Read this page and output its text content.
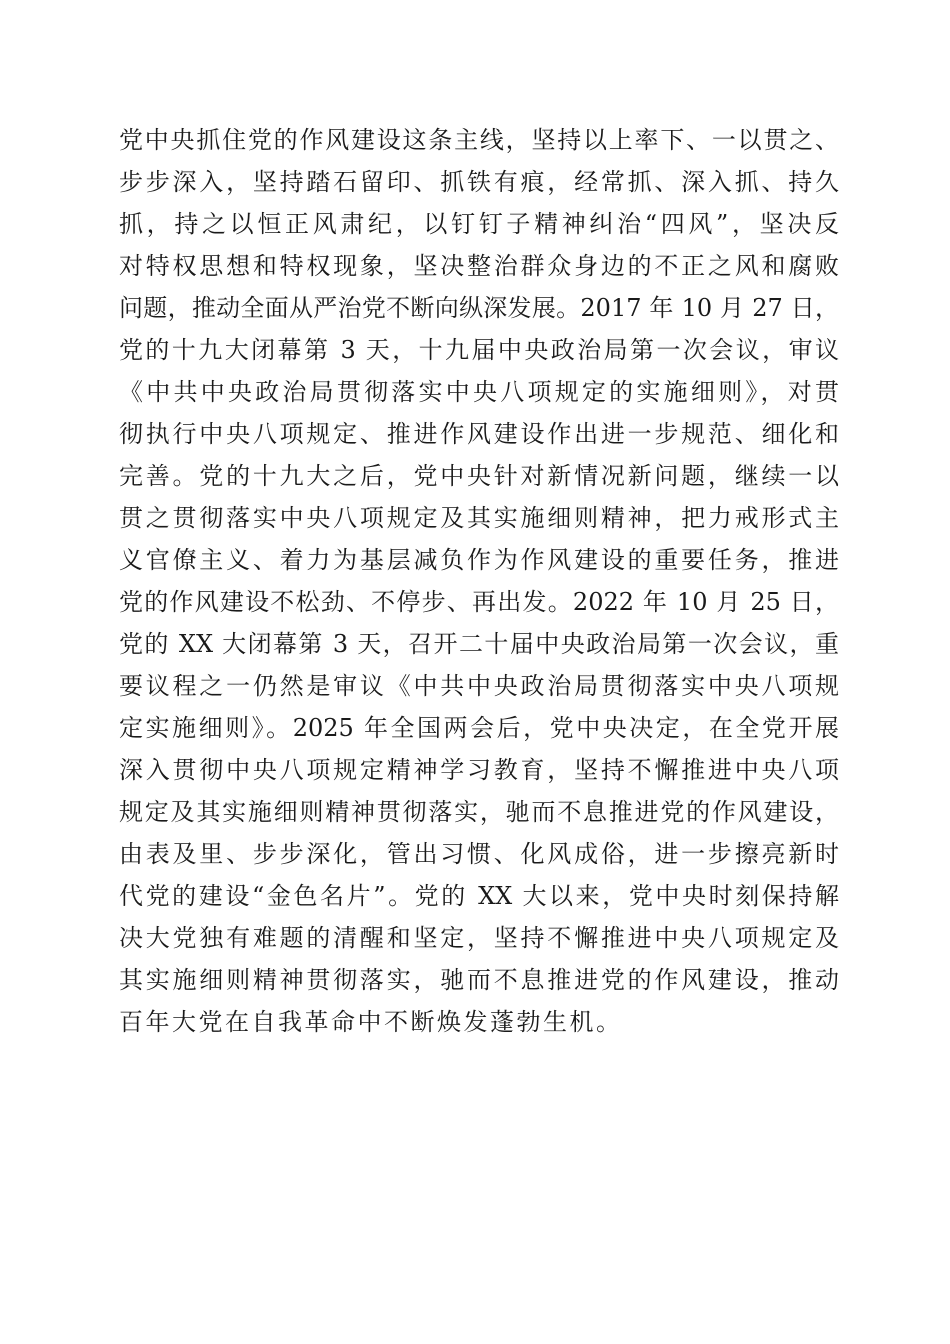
党中央抓住党的作风建设这条主线，坚持以上率下、一以贯之、
步步深入，坚持踏石留印、抓铁有痕，经常抓、深入抓、持久
抓，持之以恒正风肃纪，以钉钉子精神纠治“四风”，坚决反
对特权思想和特权现象，坚决整治群众身边的不正之风和腐败
问题，推动全面从严治党不断向纵深发展。2017 年 10 月 27 日，
党的十九大闭幕第 3 天，十九届中央政治局第一次会议，审议
《中共中央政治局贯彻落实中央八项规定的实施细则》，对贯
彻执行中央八项规定、推进作风建设作出进一步规范、细化和
完善。党的十九大之后，党中央针对新情况新问题，继续一以
贯之贯彻落实中央八项规定及其实施细则精神，把力戒形式主
义官僚主义、着力为基层减负作为作风建设的重要任务，推进
党的作风建设不松劲、不停步、再出发。2022 年 10 月 25 日，
党的 XX 大闭幕第 3 天，召开二十届中央政治局第一次会议，重
要议程之一仍然是审议《中共中央政治局贯彻落实中央八项规
定实施细则》。2025 年全国两会后，党中央决定，在全党开展
深入贯彻中央八项规定精神学习教育，坚持不懈推进中央八项
规定及其实施细则精神贯彻落实，驰而不息推进党的作风建设，
由表及里、步步深化，管出习惯、化风成俗，进一步擦亮新时
代党的建设“金色名片”。党的 XX 大以来，党中央时刻保持解
决大党独有难题的清醒和坚定，坚持不懈推进中央八项规定及
其实施细则精神贯彻落实，驰而不息推进党的作风建设，推动
百年大党在自我革命中不断焕发蓬勃生机。
